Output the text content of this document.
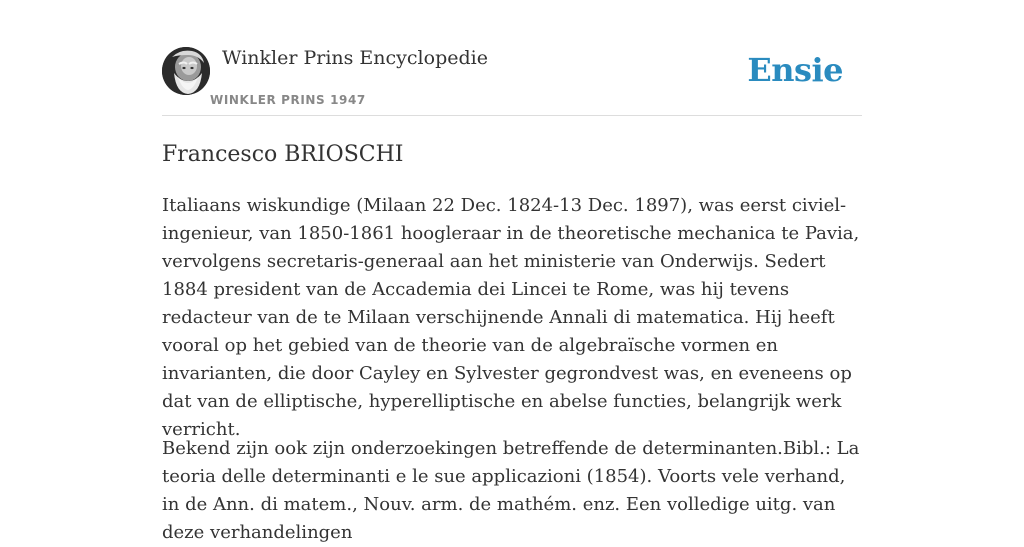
Winkler Prins Encyclopedie
WINKLER PRINS 1947
Ensie
Francesco BRIOSCHI

Italiaans wiskundige (Milaan 22 Dec. 1824-13 Dec. 1897), was eerst civiel-ingenieur, van 1850-1861 hoogleraar in de theoretische mechanica te Pavia, vervolgens secretaris-generaal aan het ministerie van Onderwijs. Sedert 1884 president van de Accademia dei Lincei te Rome, was hij tevens redacteur van de te Milaan verschijnende Annali di matematica. Hij heeft vooral op het gebied van de theorie van de algebraïsche vormen en invarianten, die door Cayley en Sylvester gegrondvest was, en eveneens op dat van de elliptische, hyperelliptische en abelse functies, belangrijk werk verricht.

Bekend zijn ook zijn onderzoekingen betreffende de determinanten.Bibl.: La teoria delle determinanti e le sue applicazioni (1854). Voorts vele verhand, in de Ann. di matem., Nouv. arm. de mathém. enz. Een volledige uitg. van deze verhandelingen
